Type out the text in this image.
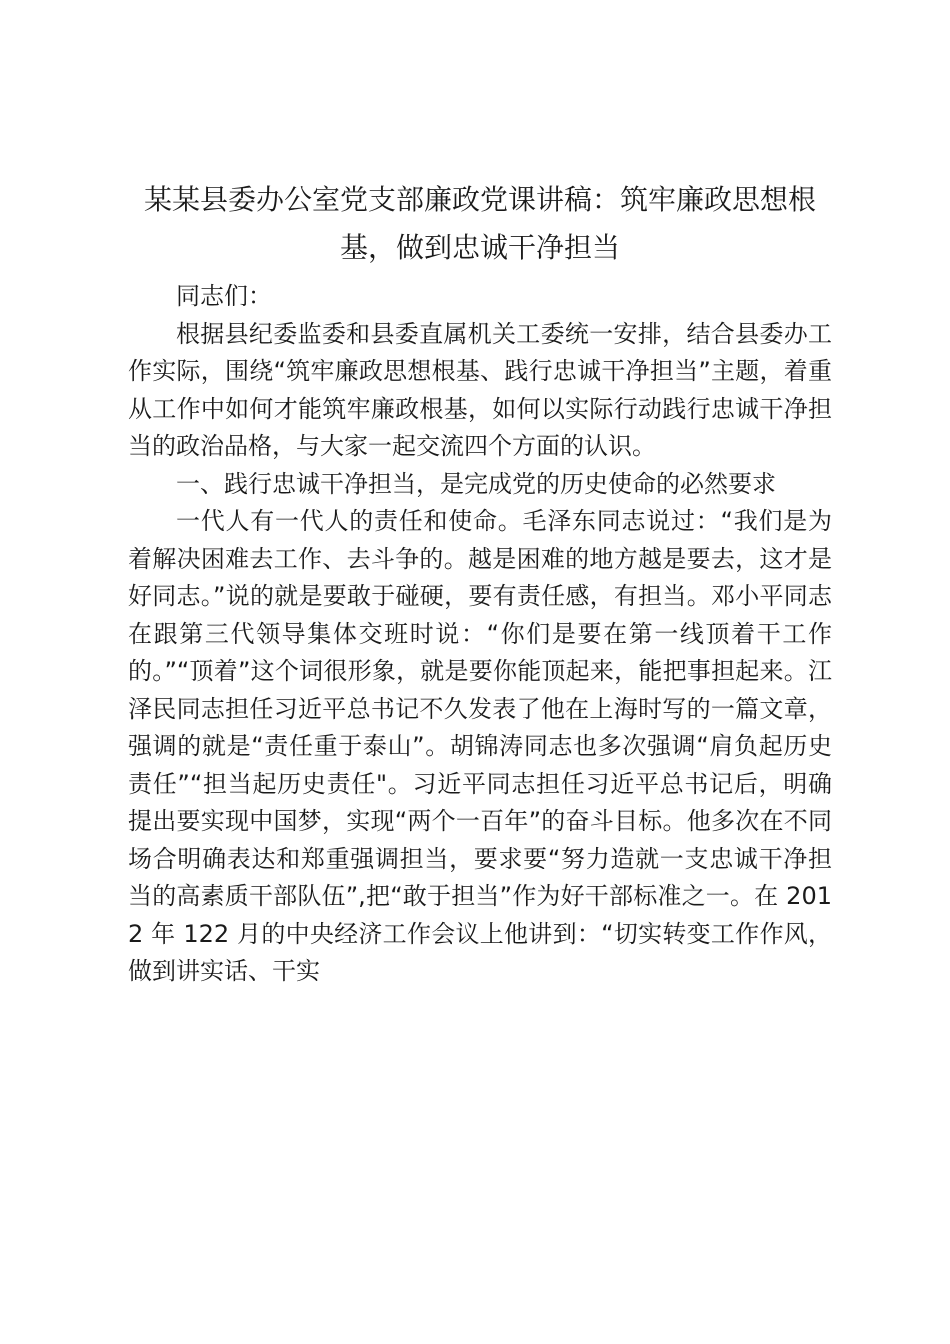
某某县委办公室党支部廉政党课讲稿：筑牢廉政思想根基，做到忠诚干净担当

同志们：

根据县纪委监委和县委直属机关工委统一安排，结合县委办工作实际，围绕“筑牢廉政思想根基、践行忠诚干净担当”主题，着重从工作中如何才能筑牢廉政根基，如何以实际行动践行忠诚干净担当的政治品格，与大家一起交流四个方面的认识。

一、践行忠诚干净担当，是完成党的历史使命的必然要求

一代人有一代人的责任和使命。毛泽东同志说过：“我们是为着解决困难去工作、去斗争的。越是困难的地方越是要去，这才是好同志。”说的就是要敢于碰硬，要有责任感，有担当。邓小平同志在跟第三代领导集体交班时说：“你们是要在第一线顶着干工作的。”“顶着”这个词很形象，就是要你能顶起来，能把事担起来。江泽民同志担任习近平总书记不久发表了他在上海时写的一篇文章，强调的就是“责任重于泰山”。胡锦涛同志也多次强调“肩负起历史责任”“担当起历史责任"。习近平同志担任习近平总书记后，明确提出要实现中国梦，实现“两个一百年”的奋斗目标。他多次在不同场合明确表达和郑重强调担当，要求要“努力造就一支忠诚干净担当的高素质干部队伍”,把“敢于担当”作为好干部标准之一。在 2012 年 122 月的中央经济工作会议上他讲到：“切实转变工作作风，做到讲实话、干实
